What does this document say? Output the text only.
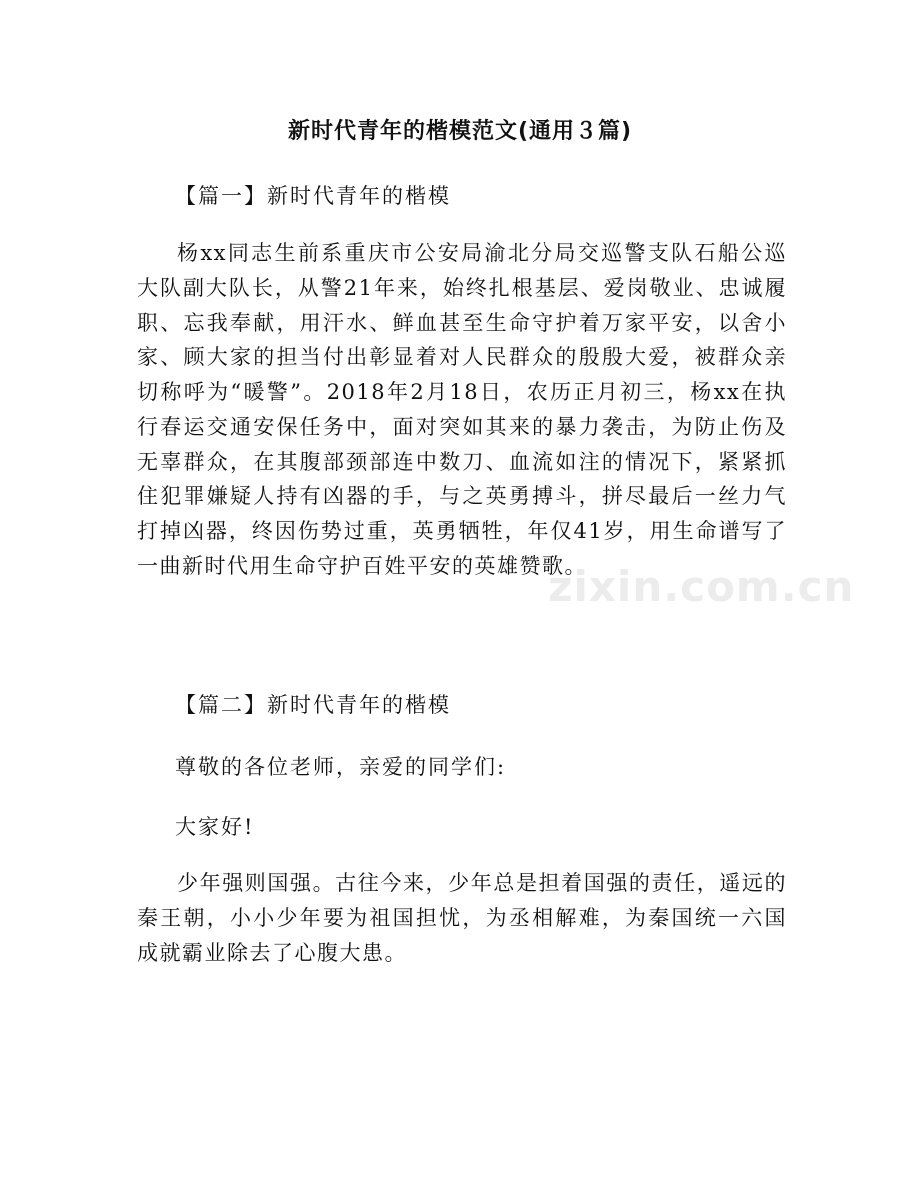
新时代青年的楷模范文(通用３篇)
【篇一】新时代青年的楷模
杨xx同志生前系重庆市公安局渝北分局交巡警支队石船公巡大队副大队长，从警21年来，始终扎根基层、爱岗敬业、忠诚履职、忘我奉献，用汗水、鲜血甚至生命守护着万家平安，以舍小家、顾大家的担当付出彰显着对人民群众的殷殷大爱，被群众亲切称呼为“暖警”。2018年2月18日，农历正月初三，杨xx在执行春运交通安保任务中，面对突如其来的暴力袭击，为防止伤及无辜群众，在其腹部颈部连中数刀、血流如注的情况下，紧紧抓住犯罪嫌疑人持有凶器的手，与之英勇搏斗，拼尽最后一丝力气打掉凶器，终因伤势过重，英勇牺牲，年仅41岁，用生命谱写了一曲新时代用生命守护百姓平安的英雄赞歌。
【篇二】新时代青年的楷模
尊敬的各位老师，亲爱的同学们:
大家好!
少年强则国强。古往今来，少年总是担着国强的责任，遥远的秦王朝，小小少年要为祖国担忧，为丞相解难，为秦国统一六国成就霸业除去了心腹大患。
zixin.com.cn
